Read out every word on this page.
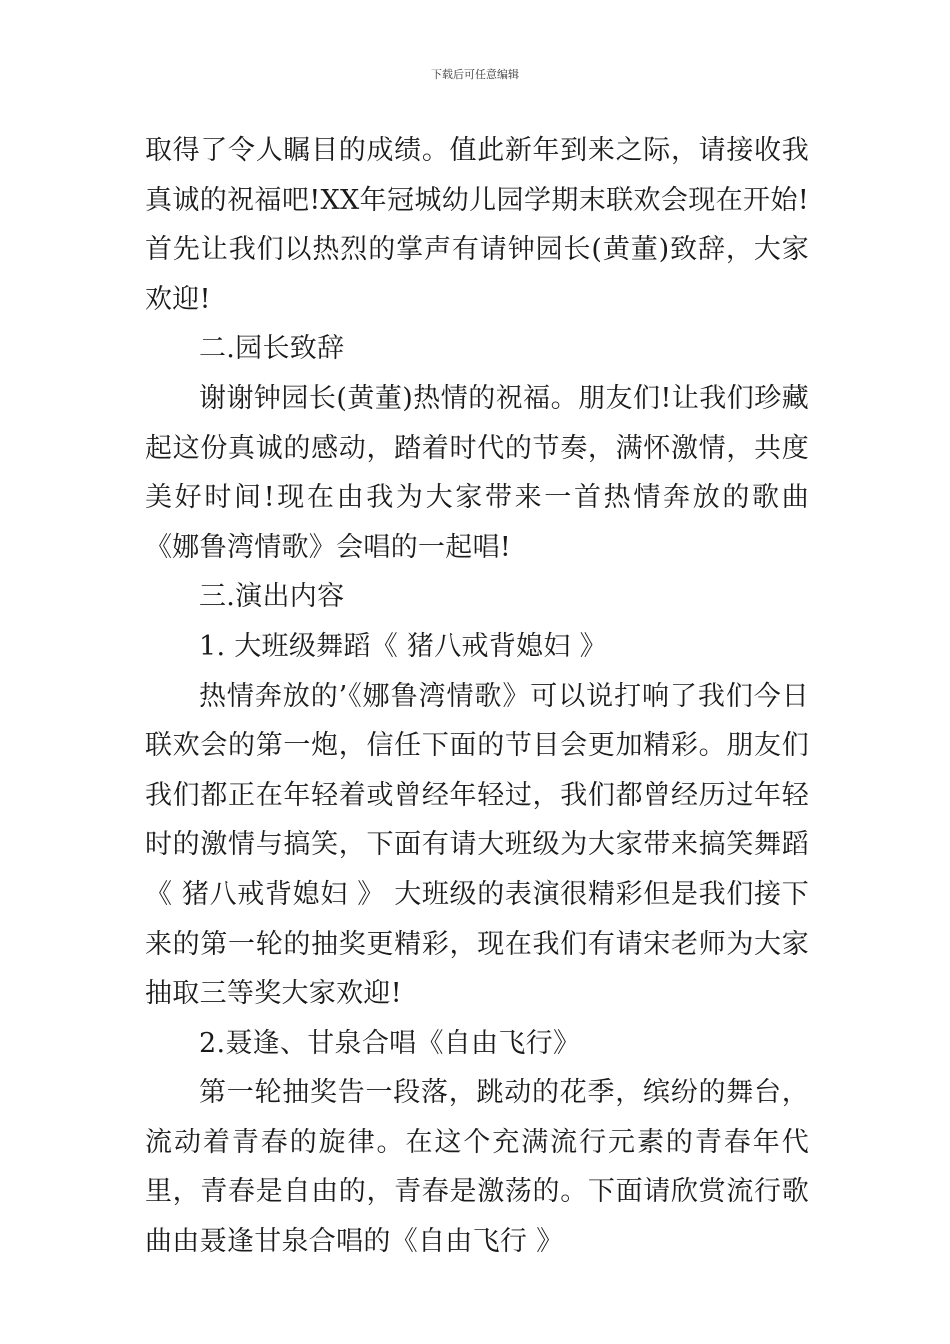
下载后可任意编辑

取得了令人瞩目的成绩。值此新年到来之际，请接收我真诚的祝福吧!XX年冠城幼儿园学期末联欢会现在开始!首先让我们以热烈的掌声有请钟园长(黄董)致辞，大家欢迎!

二.园长致辞

谢谢钟园长(黄董)热情的祝福。朋友们!让我们珍藏起这份真诚的感动，踏着时代的节奏，满怀激情，共度美好时间!现在由我为大家带来一首热情奔放的歌曲《娜鲁湾情歌》会唱的一起唱!

三.演出内容

1. 大班级舞蹈《 猪八戒背媳妇 》

热情奔放的’《娜鲁湾情歌》可以说打响了我们今日联欢会的第一炮，信任下面的节目会更加精彩。朋友们我们都正在年轻着或曾经年轻过，我们都曾经历过年轻时的激情与搞笑，下面有请大班级为大家带来搞笑舞蹈《 猪八戒背媳妇 》 大班级的表演很精彩但是我们接下来的第一轮的抽奖更精彩，现在我们有请宋老师为大家抽取三等奖大家欢迎!

2.聂逢、甘泉合唱《自由飞行》

第一轮抽奖告一段落，跳动的花季，缤纷的舞台，流动着青春的旋律。在这个充满流行元素的青春年代里，青春是自由的，青春是激荡的。下面请欣赏流行歌曲由聂逢甘泉合唱的《自由飞行 》
